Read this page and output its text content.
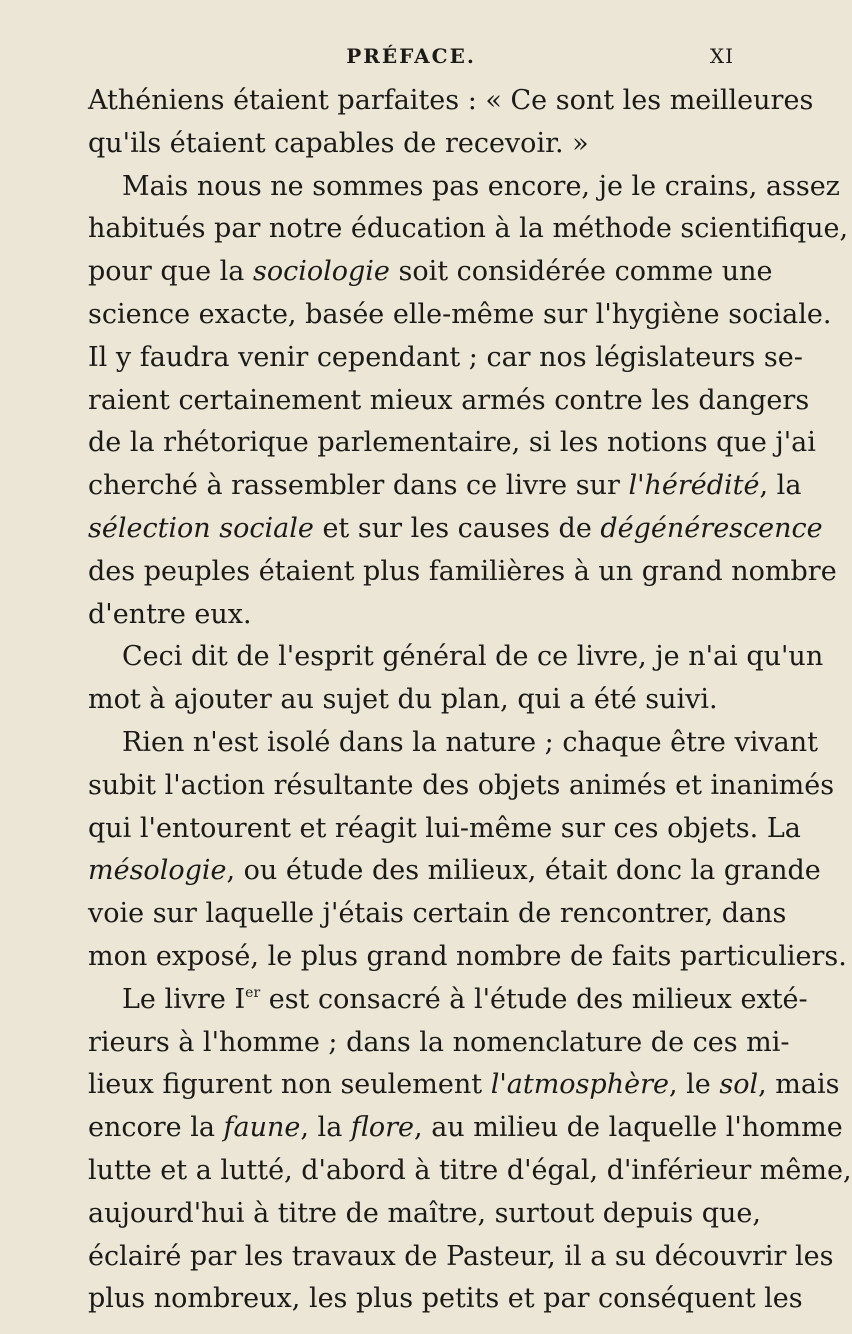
PRÉFACE.	XI
Athéniens étaient parfaites : « Ce sont les meilleures
qu'ils étaient capables de recevoir. »
Mais nous ne sommes pas encore, je le crains, assez
habitués par notre éducation à la méthode scientifique,
pour que la sociologie soit considérée comme une
science exacte, basée elle-même sur l'hygiène sociale.
Il y faudra venir cependant ; car nos législateurs se-
raient certainement mieux armés contre les dangers
de la rhétorique parlementaire, si les notions que j'ai
cherché à rassembler dans ce livre sur l'hérédité, la
sélection sociale et sur les causes de dégénérescence
des peuples étaient plus familières à un grand nombre
d'entre eux.
Ceci dit de l'esprit général de ce livre, je n'ai qu'un
mot à ajouter au sujet du plan, qui a été suivi.
Rien n'est isolé dans la nature ; chaque être vivant
subit l'action résultante des objets animés et inanimés
qui l'entourent et réagit lui-même sur ces objets. La
mésologie, ou étude des milieux, était donc la grande
voie sur laquelle j'étais certain de rencontrer, dans
mon exposé, le plus grand nombre de faits particuliers.
Le livre Ier est consacré à l'étude des milieux exté-
rieurs à l'homme ; dans la nomenclature de ces mi-
lieux figurent non seulement l'atmosphère, le sol, mais
encore la faune, la flore, au milieu de laquelle l'homme
lutte et a lutté, d'abord à titre d'égal, d'inférieur même,
aujourd'hui à titre de maître, surtout depuis que,
éclairé par les travaux de Pasteur, il a su découvrir les
plus nombreux, les plus petits et par conséquent les
